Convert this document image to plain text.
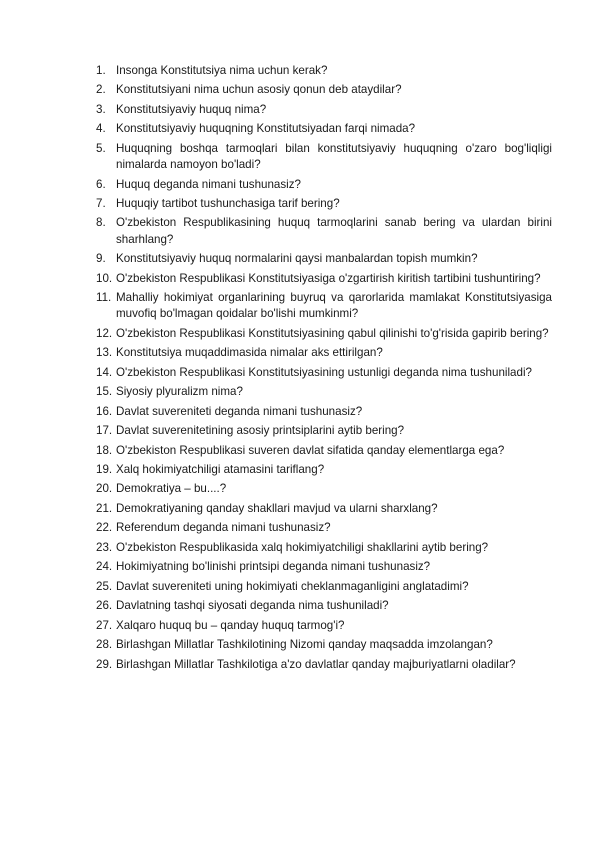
1. Insonga Konstitutsiya nima uchun kerak?
2. Konstitutsiyani nima uchun asosiy qonun deb ataydilar?
3. Konstitutsiyaviy huquq nima?
4. Konstitutsiyaviy huquqning Konstitutsiyadan farqi nimada?
5. Huquqning boshqa tarmoqlari bilan konstitutsiyaviy huquqning o'zaro bog'liqligi nimalarda namoyon bo'ladi?
6. Huquq deganda nimani tushunasiz?
7. Huquqiy tartibot tushunchasiga tarif bering?
8. O'zbekiston Respublikasining huquq tarmoqlarini sanab bering va ulardan birini sharhlang?
9. Konstitutsiyaviy huquq normalarini qaysi manbalardan topish mumkin?
10. O'zbekiston Respublikasi Konstitutsiyasiga o'zgartirish kiritish tartibini tushuntiring?
11. Mahalliy hokimiyat organlarining buyruq va qarorlarida mamlakat Konstitutsiyasiga muvofiq bo'lmagan qoidalar bo'lishi mumkinmi?
12. O'zbekiston Respublikasi Konstitutsiyasining qabul qilinishi to'g'risida gapirib bering?
13. Konstitutsiya muqaddimasida nimalar aks ettirilgan?
14. O'zbekiston Respublikasi Konstitutsiyasining ustunligi deganda nima tushuniladi?
15. Siyosiy plyuralizm nima?
16. Davlat suvereniteti deganda nimani tushunasiz?
17. Davlat suverenitetining asosiy printsiplarini aytib bering?
18. O'zbekiston Respublikasi suveren davlat sifatida qanday elementlarga ega?
19. Xalq hokimiyatchiligi atamasini tariflang?
20. Demokratiya – bu....?
21. Demokratiyaning qanday shakllari mavjud va ularni sharxlang?
22. Referendum deganda nimani tushunasiz?
23. O'zbekiston Respublikasida xalq hokimiyatchiligi shakllarini aytib bering?
24. Hokimiyatning bo'linishi printsipi deganda nimani tushunasiz?
25. Davlat suvereniteti uning hokimiyati cheklanmaganligini anglatadimi?
26. Davlatning tashqi siyosati deganda nima tushuniladi?
27. Xalqaro huquq bu – qanday huquq tarmog'i?
28. Birlashgan Millatlar Tashkilotining Nizomi qanday maqsadda imzolangan?
29. Birlashgan Millatlar Tashkilotiga a'zo davlatlar qanday majburiyatlarni oladilar?
